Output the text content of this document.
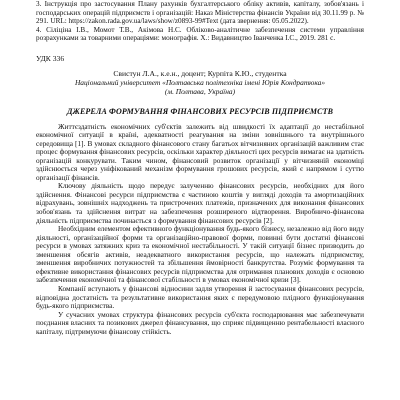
3. Інструкція про застосування Плану рахунків бухгалтерського обліку активів, капіталу, зобов'язань і господарських операцій підприємств і організацій: Наказ Міністерства фінансів України від 30.11.99 р. № 291. URL: https://zakon.rada.gov.ua/laws/show/z0893-99#Text (дата звернення: 05.05.2022).

4. Сіліціна І.В., Момот Т.В., Акімова Н.С. Обліково-аналітичне забезпечення системи управління розрахунками за товарними операціями: монографія. Х.: Видавництво Іванченка І.С., 2019. 281 с.

УДК 336
Свистун Л.А., к.е.н., доцент; Курпіта К.Ю., студентка
Національний університет «Полтавська політехніка імені Юрія Кондратюка»
(м. Полтава, Україна)
ДЖЕРЕЛА ФОРМУВАННЯ ФІНАНСОВИХ РЕСУРСІВ ПІДПРИЄМСТВ

Життєздатність економічних суб'єктів залежить від швидкості їх адаптації до нестабільної економічної ситуації в країні, адекватності реагування на зміни зовнішнього та внутрішнього середовища [1]. В умовах складного фінансового стану багатьох вітчизняних організацій важливим стає процес формування фінансових ресурсів, оскільки характер діяльності цих ресурсів вимагає на здатність організацій конкурувати. Таким чином, фінансовий розвиток організації у вітчизняній економіці здійснюється через уніфікований механізм формування грошових ресурсів, який є напрямом і суттю організації фінансів.

Ключову діяльність щодо передує залученню фінансових ресурсів, необхідних для його здійснення. Фінансові ресурси підприємства є частиною коштів у вигляді доходів та амортизаційних відрахувань, зовнішніх надходжень та пристрочених платежів, призначених для виконання фінансових зобов'язань та здійснення витрат на забезпечення розширеного відтворення. Виробничо-фінансова діяльність підприємства починається з формування фінансових ресурсів [2].

Необхідним елементом ефективного функціонування будь-якого бізнесу, незалежно від його виду діяльності, організаційної форми та організаційно-правової форми, повинні бути достатні фінансові ресурси в умовах затяжних криз та економічної нестабільності. У такій ситуації бізнес призводить до зменшення обсягів активів, неадекватного використання ресурсів, що належать підприємству, зменшення виробничих потужностей та збільшення ймовірності банкрутства. Розуміє формування та ефективне використання фінансових ресурсів підприємства для отримання планових доходів є основою забезпечення економічної та фінансової стабільності в умовах економічної кризи [3].

Компанії вступають у фінансові відносини задля утворення й застосування фінансових ресурсів, відповідна достатність та результативне використання яких є передумовою плідного функціонування будь-якого підприємства.

У сучасних умовах структура фінансових ресурсів суб'єкта господарювання має забезпечувати поєднання власних та позикових джерел фінансування, що сприяє підвищенню рентабельності власного капіталу, підтримуючи фінансову стійкість.
